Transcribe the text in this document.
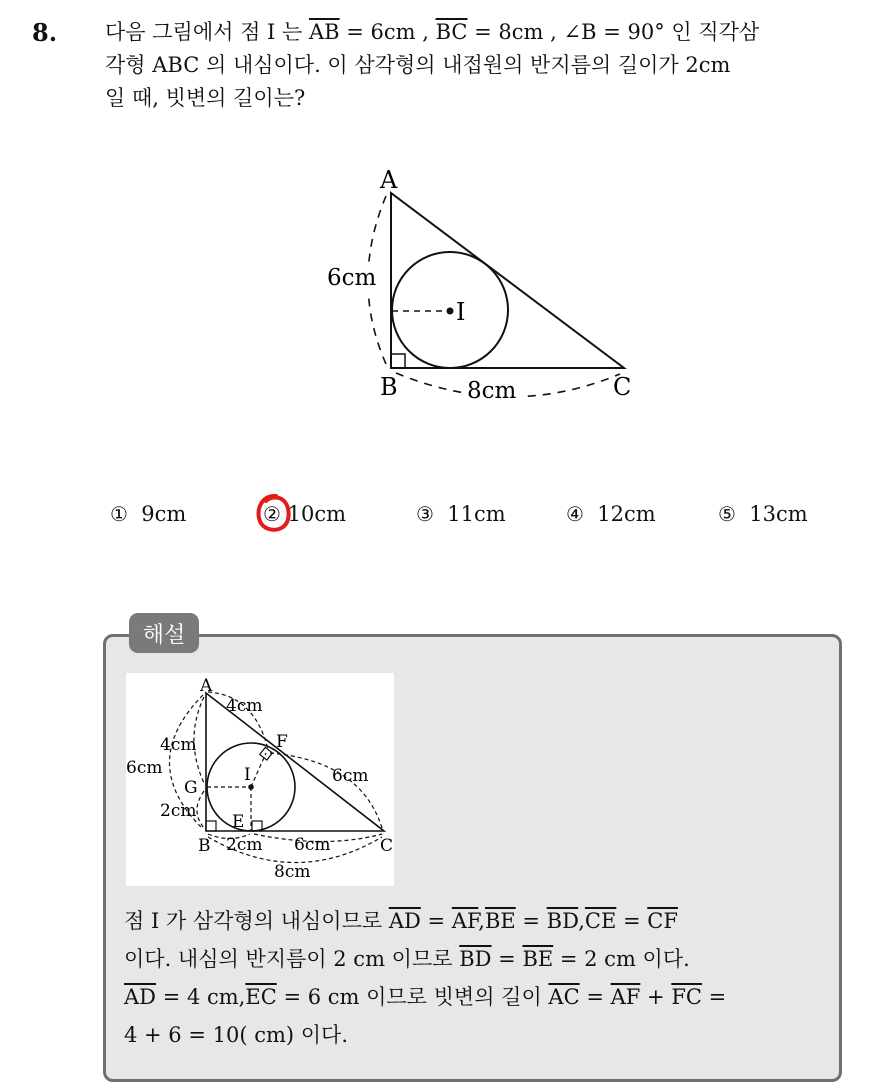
8. 다음 그림에서 점 I 는 $\overline{AB} = 6cm$ , $\overline{BC} = 8cm$ , ∠B = 90° 인 직각삼
각형 ABC 의 내심이다. 이 삼각형의 내접원의 반지름의 길이가 2cm
일 때, 빗변의 길이는?
A
B	C
I
6cm
8cm
① 9cm	② 10cm	③ 11cm	④ 12cm	⑤ 13cm
해설
A
B	C
I
F
G
E
4cm
4cm
6cm
2cm
6cm
2cm 6cm
8cm

점 I 가 삼각형의 내심이므로 $\overline{AD} = \overline{AF},\overline{BE} = \overline{BD},\overline{CE} = \overline{CF}$

이다. 내심의 반지름이 2 cm 이므로 $\overline{BD} = \overline{BE} = 2$ cm 이다.

$\overline{AD} = 4$ $cm,\overline{EC} = 6$ cm 이므로 빗변의 길이 $\overline{AC} = \overline{AF} + \overline{FC}$ =

4 + 6 = 10( cm) 이다.
